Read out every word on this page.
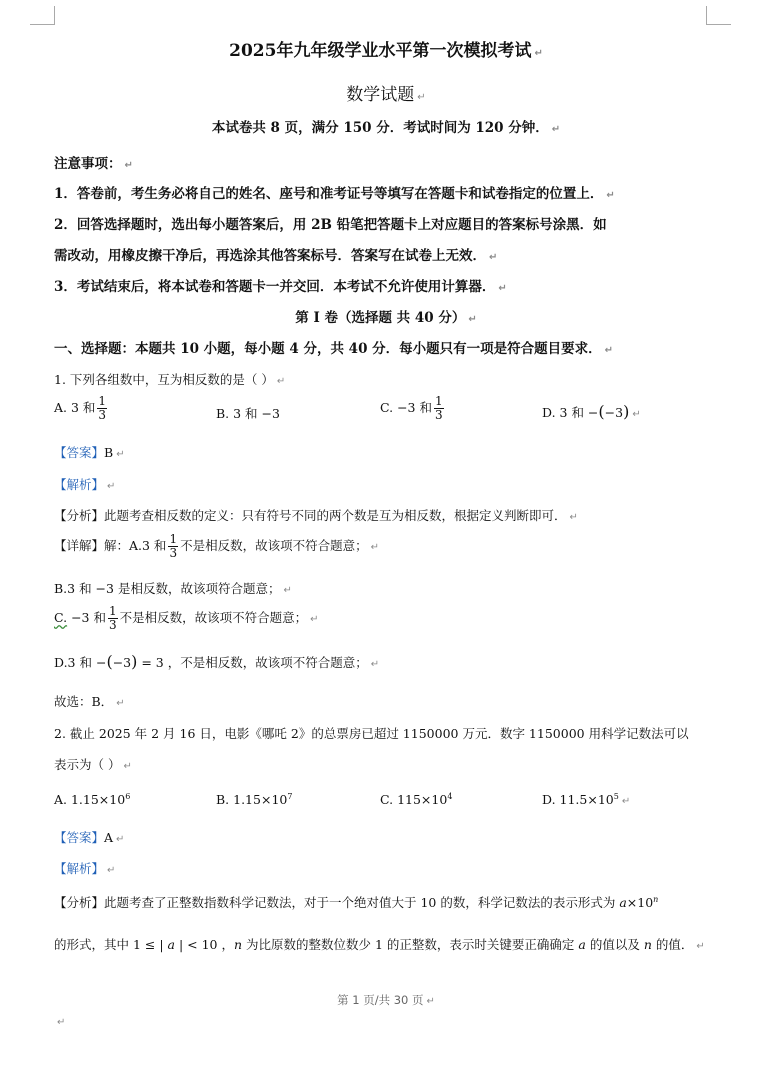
2025年九年级学业水平第一次模拟考试 ↵
数学试题 ↵
本试卷共 8 页，满分 150 分．考试时间为 120 分钟． ↵
注意事项： ↵
1．答卷前，考生务必将自己的姓名、座号和准考证号等填写在答题卡和试卷指定的位置上． ↵
2．回答选择题时，选出每小题答案后，用 2B 铅笔把答题卡上对应题目的答案标号涂黑．如
需改动，用橡皮擦干净后，再选涂其他答案标号．答案写在试卷上无效． ↵
3．考试结束后，将本试卷和答题卡一并交回．本考试不允许使用计算器． ↵
第 Ⅰ 卷（选择题 共 40 分） ↵
一、选择题：本题共 10 小题，每小题 4 分，共 40 分．每小题只有一项是符合题目要求． ↵
1. 下列各组数中，互为相反数的是（ ） ↵
A. 3 和 $\frac{1}{3}$	B. 3 和 −3	C. −3 和 $\frac{1}{3}$	D. 3 和 −(−3) ↵
【答案】B ↵
【解析】 ↵
【分析】此题考查相反数的定义：只有符号不同的两个数是互为相反数，根据定义判断即可． ↵
【详解】解：A.3 和 $\frac{1}{3}$ 不是相反数，故该项不符合题意； ↵
B.3 和 −3 是相反数，故该项符合题意； ↵
C. −3 和 $\frac{1}{3}$ 不是相反数，故该项不符合题意； ↵
D.3 和 −(−3) = 3 ，不是相反数，故该项不符合题意； ↵
故选：B． ↵
2. 截止 2025 年 2 月 16 日，电影《哪吒 2》的总票房已超过 1150000 万元．数字 1150000 用科学记数法可以
表示为（ ） ↵
A. $1.15\times 10^6$	B. $1.15\times 10^7$	C. $115\times 10^4$	D. $11.5\times 10^5$ ↵
【答案】A ↵
【解析】 ↵
【分析】此题考查了正整数指数科学记数法，对于一个绝对值大于 10 的数，科学记数法的表示形式为 $a\times 10^n$
的形式，其中 1 ≤ | a | < 10 ，n 为比原数的整数位数少 1 的正整数，表示时关键要正确确定 a 的值以及 n 的值． ↵
第 1 页/共 30 页 ↵
↵
